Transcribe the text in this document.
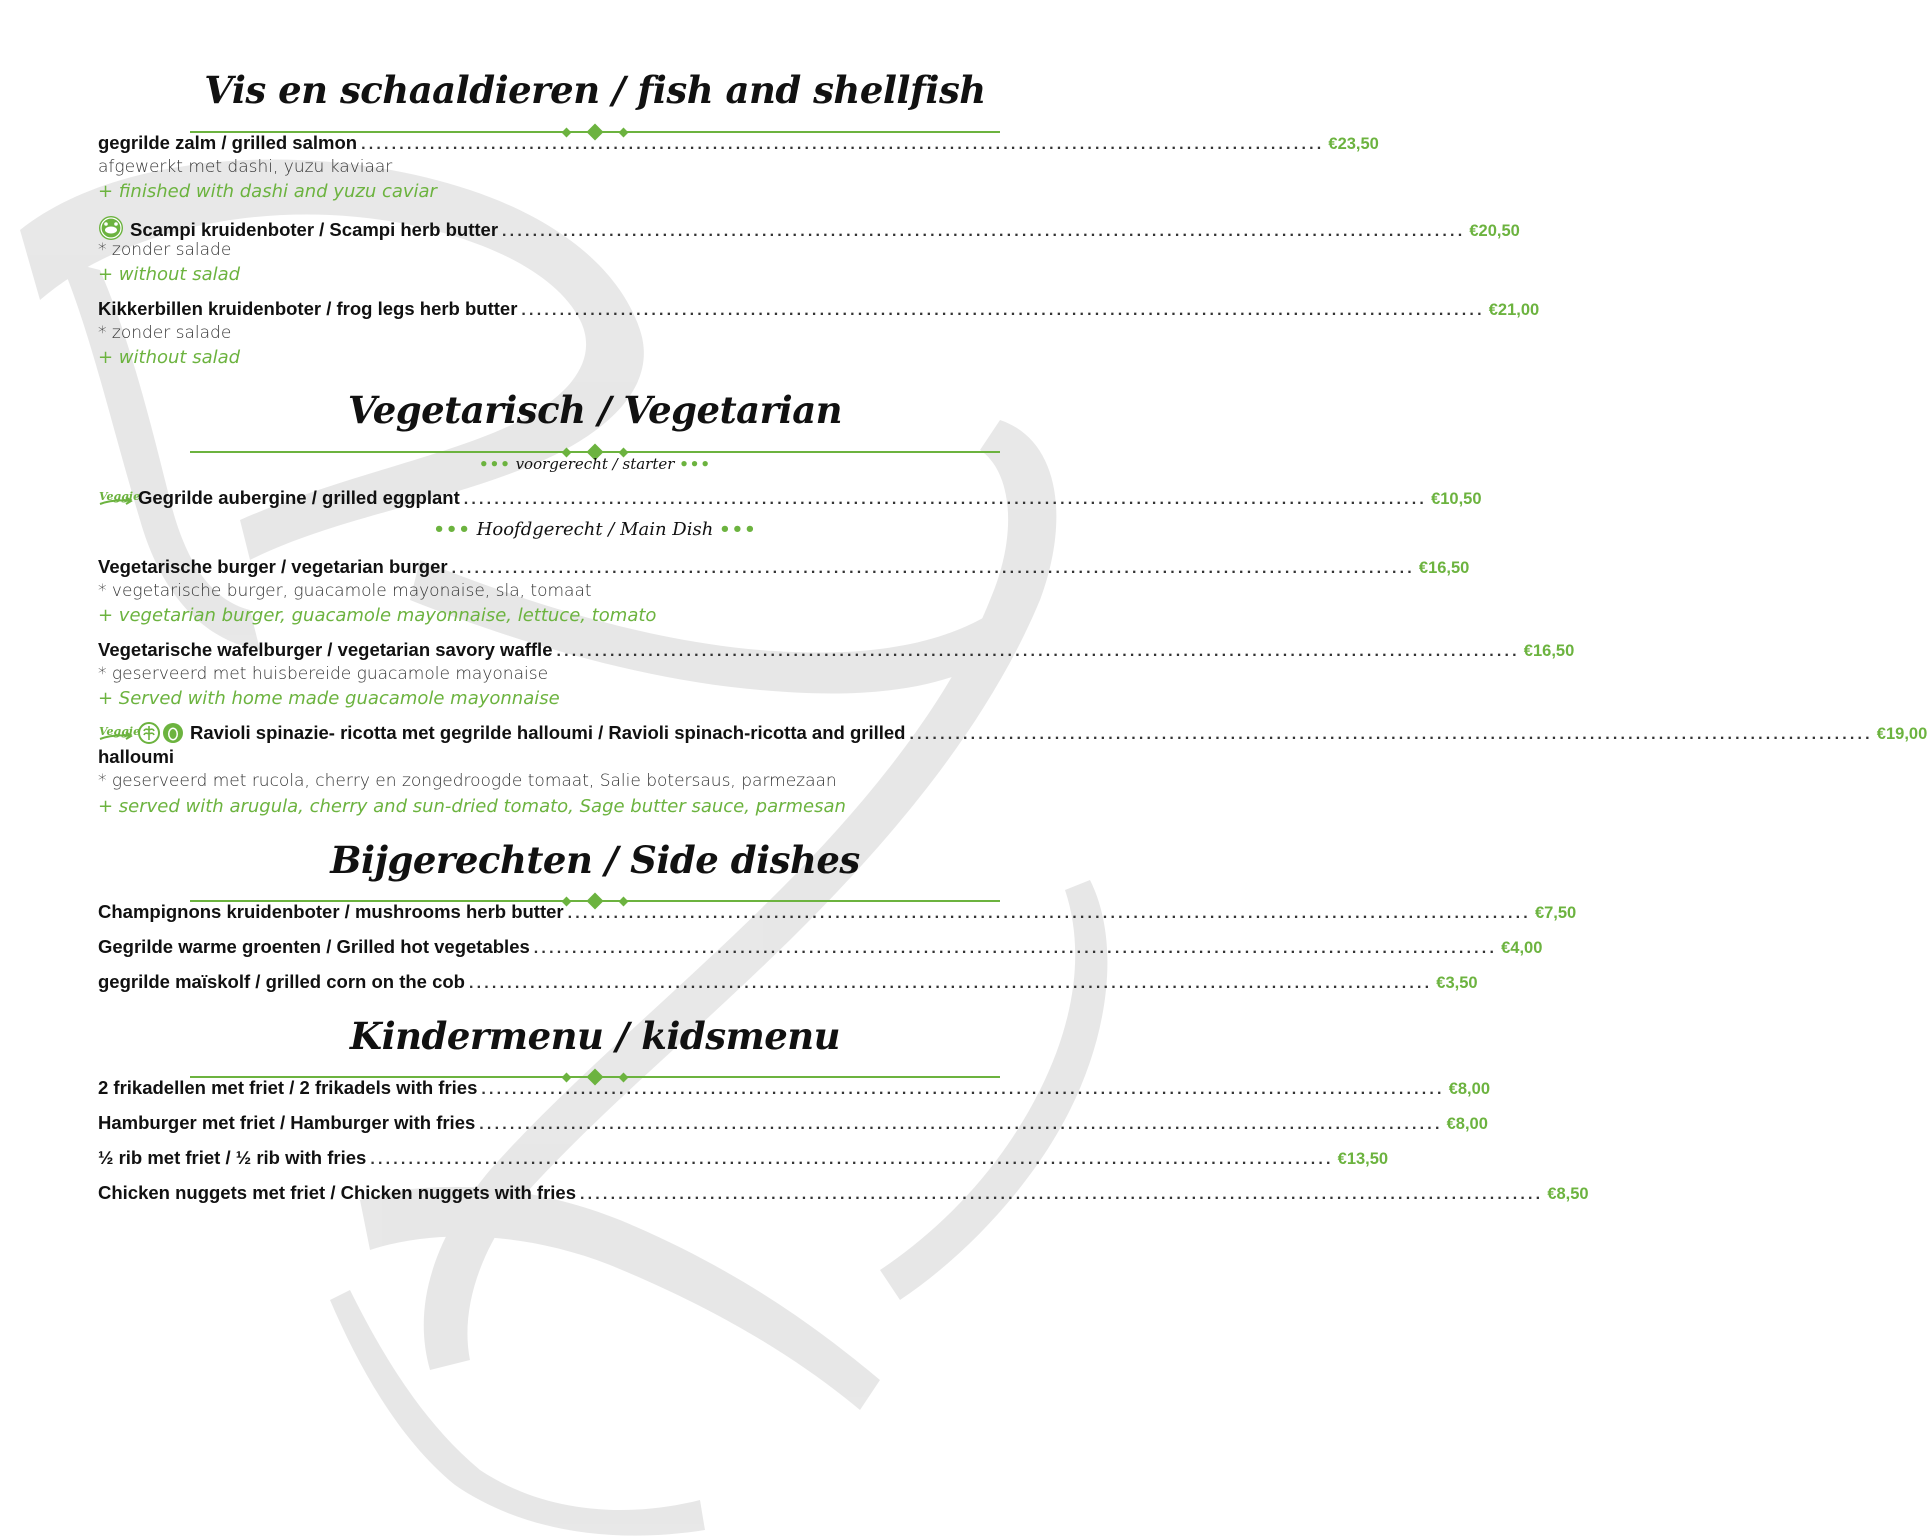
Vis en schaaldieren / fish and shellfish
gegrilde zalm / grilled salmon .............................................................................................................................. €23,50
afgewerkt met dashi, yuzu kaviaar
+ finished with dashi and yuzu caviar
Scampi kruidenboter / Scampi herb butter .............................................................................................................................. €20,50
* zonder salade
+ without salad
Kikkerbillen kruidenboter / frog legs herb butter .............................................................................................................................. €21,00
* zonder salade
+ without salad
Vegetarisch / Vegetarian
••• voorgerecht / starter •••
Veggie
Gegrilde aubergine / grilled eggplant .............................................................................................................................. €10,50
••• Hoofdgerecht / Main Dish •••
Vegetarische burger / vegetarian burger .............................................................................................................................. €16,50
* vegetarische burger, guacamole mayonaise, sla, tomaat
+ vegetarian burger, guacamole mayonnaise, lettuce, tomato
Vegetarische wafelburger / vegetarian savory waffle .............................................................................................................................. €16,50
* geserveerd met huisbereide guacamole mayonaise
+ Served with home made guacamole mayonnaise
Veggie	Ravioli spinazie- ricotta met gegrilde halloumi / Ravioli spinach-ricotta and grilled .............................................................................................................................. €19,00
halloumi
* geserveerd met rucola, cherry en zongedroogde tomaat, Salie botersaus, parmezaan
+ served with arugula, cherry and sun-dried tomato, Sage butter sauce, parmesan
Bijgerechten / Side dishes
Champignons kruidenboter / mushrooms herb butter .............................................................................................................................. €7,50
Gegrilde warme groenten / Grilled hot vegetables .............................................................................................................................. €4,00
gegrilde maïskolf / grilled corn on the cob .............................................................................................................................. €3,50
Kindermenu / kidsmenu
2 frikadellen met friet / 2 frikadels with fries .............................................................................................................................. €8,00
Hamburger met friet / Hamburger with fries .............................................................................................................................. €8,00
½ rib met friet / ½ rib with fries .............................................................................................................................. €13,50
Chicken nuggets met friet / Chicken nuggets with fries .............................................................................................................................. €8,50
